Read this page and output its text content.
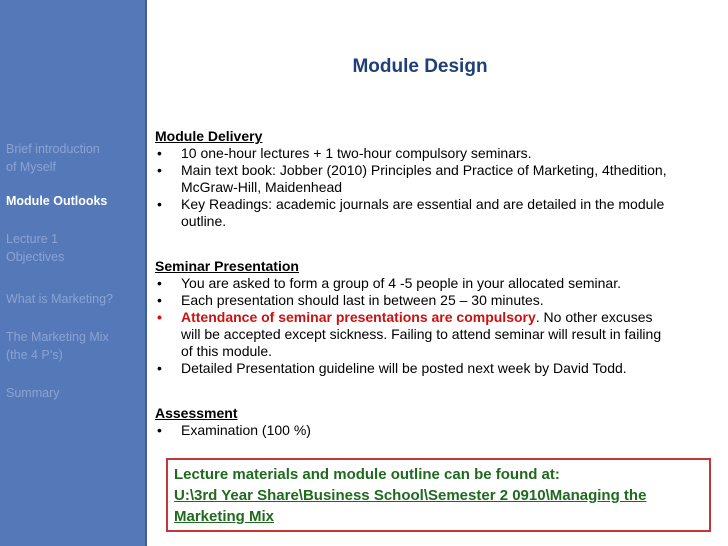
Brief introduction
of Myself
Module Outlooks
Lecture 1
Objectives
What is Marketing?
The Marketing Mix
(the 4 P’s)
Summary
Module Design
Module Delivery
• 10 one-hour lectures + 1 two-hour compulsory seminars.
• Main text book: Jobber (2010) Principles and Practice of Marketing, 4thedition, McGraw-Hill, Maidenhead
• Key Readings: academic journals are essential and are detailed in the module outline.
Seminar Presentation
• You are asked to form a group of 4 -5 people in your allocated seminar.
• Each presentation should last in between 25 – 30 minutes.
• Attendance of seminar presentations are compulsory. No other excuses will be accepted except sickness. Failing to attend seminar will result in failing of this module.
• Detailed Presentation guideline will be posted next week by David Todd.
Assessment
• Examination (100 %)
Lecture materials and module outline can be found at:
U:\3rd Year Share\Business School\Semester 2 0910\Managing the
Marketing Mix
